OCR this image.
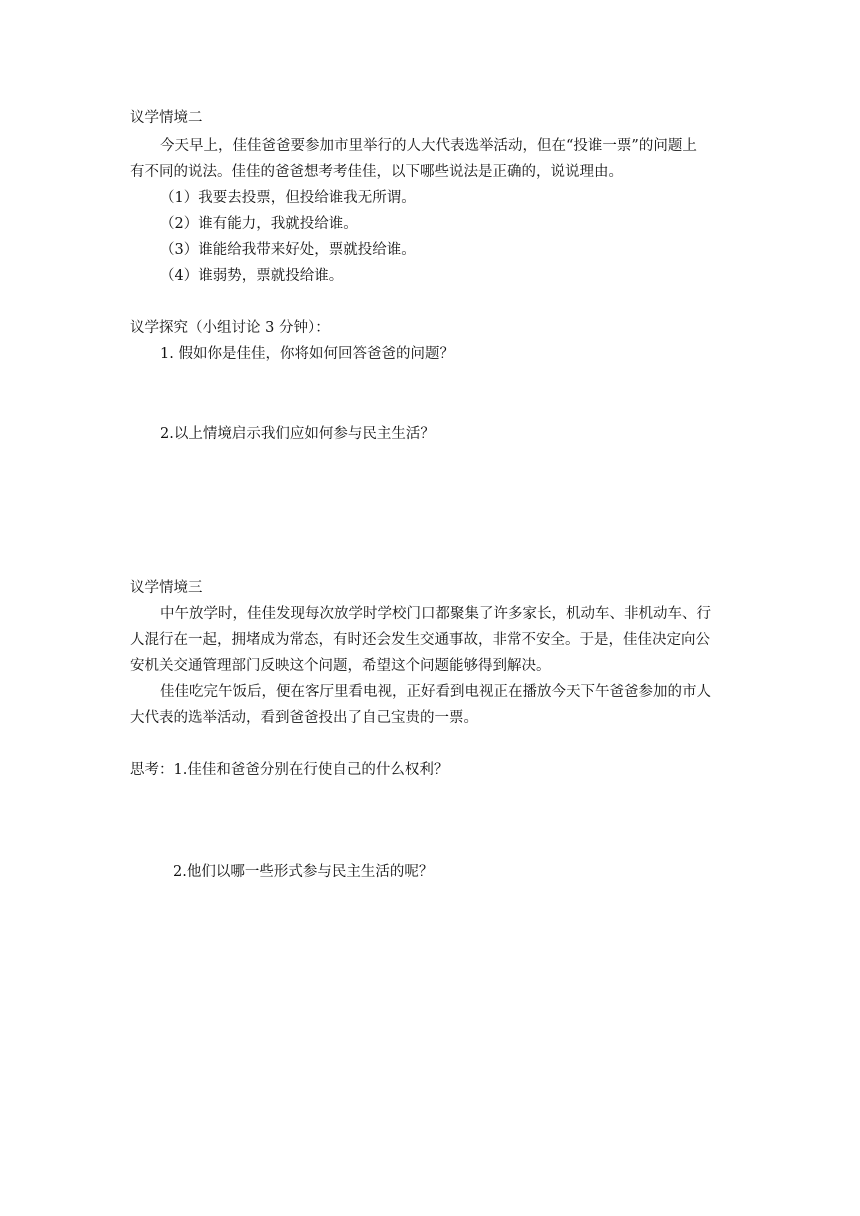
议学情境二
今天早上，佳佳爸爸要参加市里举行的人大代表选举活动，但在“投谁一票”的问题上
有不同的说法。佳佳的爸爸想考考佳佳，以下哪些说法是正确的，说说理由。
（1）我要去投票，但投给谁我无所谓。
（2）谁有能力，我就投给谁。
（3）谁能给我带来好处，票就投给谁。
（4）谁弱势，票就投给谁。
议学探究（小组讨论 3 分钟）：
1. 假如你是佳佳，你将如何回答爸爸的问题？
2.以上情境启示我们应如何参与民主生活？
议学情境三
中午放学时，佳佳发现每次放学时学校门口都聚集了许多家长，机动车、非机动车、行
人混行在一起，拥堵成为常态，有时还会发生交通事故，非常不安全。于是，佳佳决定向公
安机关交通管理部门反映这个问题，希望这个问题能够得到解决。
佳佳吃完午饭后，便在客厅里看电视，正好看到电视正在播放今天下午爸爸参加的市人
大代表的选举活动，看到爸爸投出了自己宝贵的一票。
思考：1.佳佳和爸爸分别在行使自己的什么权利？
2.他们以哪一些形式参与民主生活的呢？
